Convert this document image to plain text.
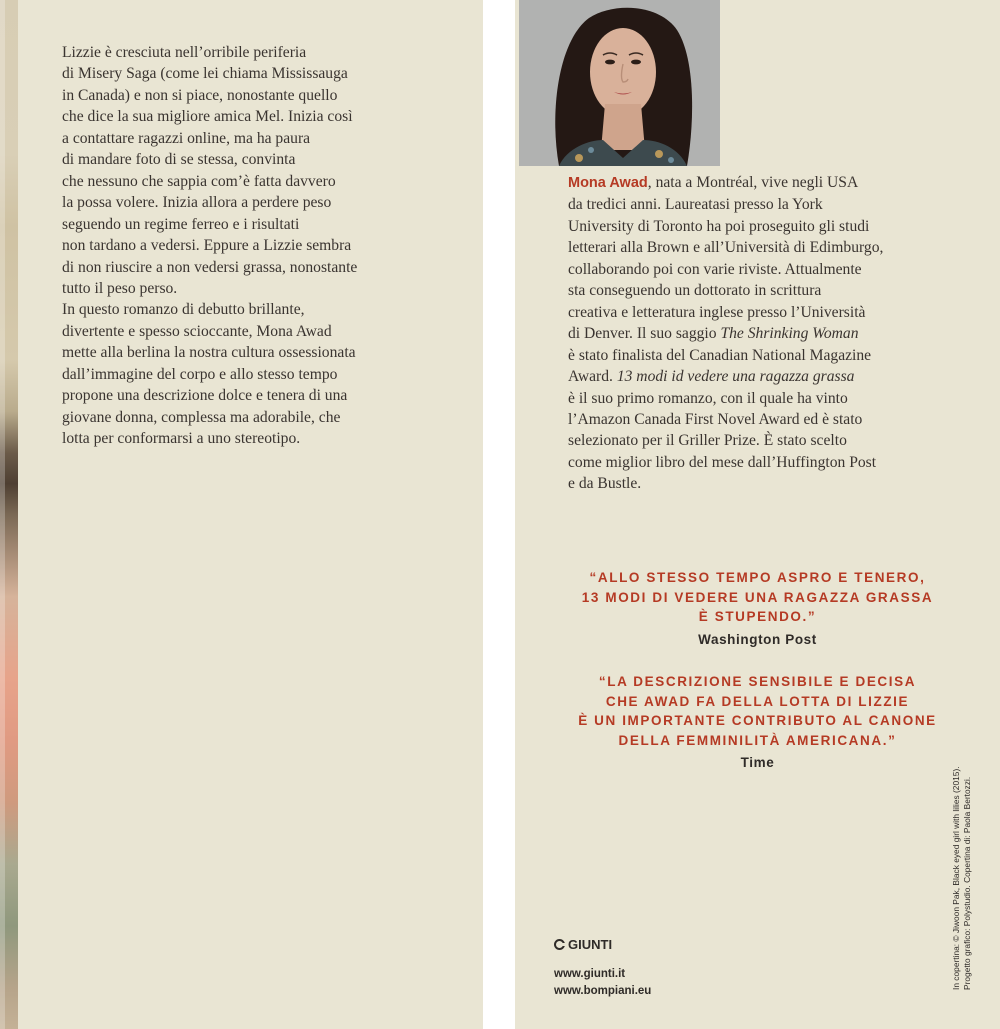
Lizzie è cresciuta nell’orribile periferia

di Misery Saga (come lei chiama Mississauga

in Canada) e non si piace, nonostante quello

che dice la sua migliore amica Mel. Inizia così

a contattare ragazzi online, ma ha paura

di mandare foto di se stessa, convinta

che nessuno che sappia com’è fatta davvero

la possa volere. Inizia allora a perdere peso

seguendo un regime ferreo e i risultati

non tardano a vedersi. Eppure a Lizzie sembra

di non riuscire a non vedersi grassa, nonostante

tutto il peso perso.

In questo romanzo di debutto brillante,

divertente e spesso scioccante, Mona Awad

mette alla berlina la nostra cultura ossessionata

dall’immagine del corpo e allo stesso tempo

propone una descrizione dolce e tenera di una

giovane donna, complessa ma adorabile, che

lotta per conformarsi a uno stereotipo.

Mona Awad, nata a Montréal, vive negli USA
da tredici anni. Laureatasi presso la York
University di Toronto ha poi proseguito gli studi
letterari alla Brown e all’Università di Edimburgo,
collaborando poi con varie riviste. Attualmente
sta conseguendo un dottorato in scrittura
creativa e letteratura inglese presso l’Università
di Denver. Il suo saggio The Shrinking Woman
è stato finalista del Canadian National Magazine
Award. 13 modi id vedere una ragazza grassa
è il suo primo romanzo, con il quale ha vinto
l’Amazon Canada First Novel Award ed è stato
selezionato per il Griller Prize. È stato scelto
come miglior libro del mese dall’Huffington Post
e da Bustle.
“ALLO STESSO TEMPO ASPRO E TENERO,
13 MODI DI VEDERE UNA RAGAZZA GRASSA
È STUPENDO.”
Washington Post
“LA DESCRIZIONE SENSIBILE E DECISA
CHE AWAD FA DELLA LOTTA DI LIZZIE
È UN IMPORTANTE CONTRIBUTO AL CANONE
DELLA FEMMINILITÀ AMERICANA.”
Time
GIUNTI
www.giunti.it
www.bompiani.eu
In copertina: © Jiwoon Pak, Black eyed girl with lilies (2015). Progetto grafico: Polystudio. Copertina di: Paola Bertozzi.
